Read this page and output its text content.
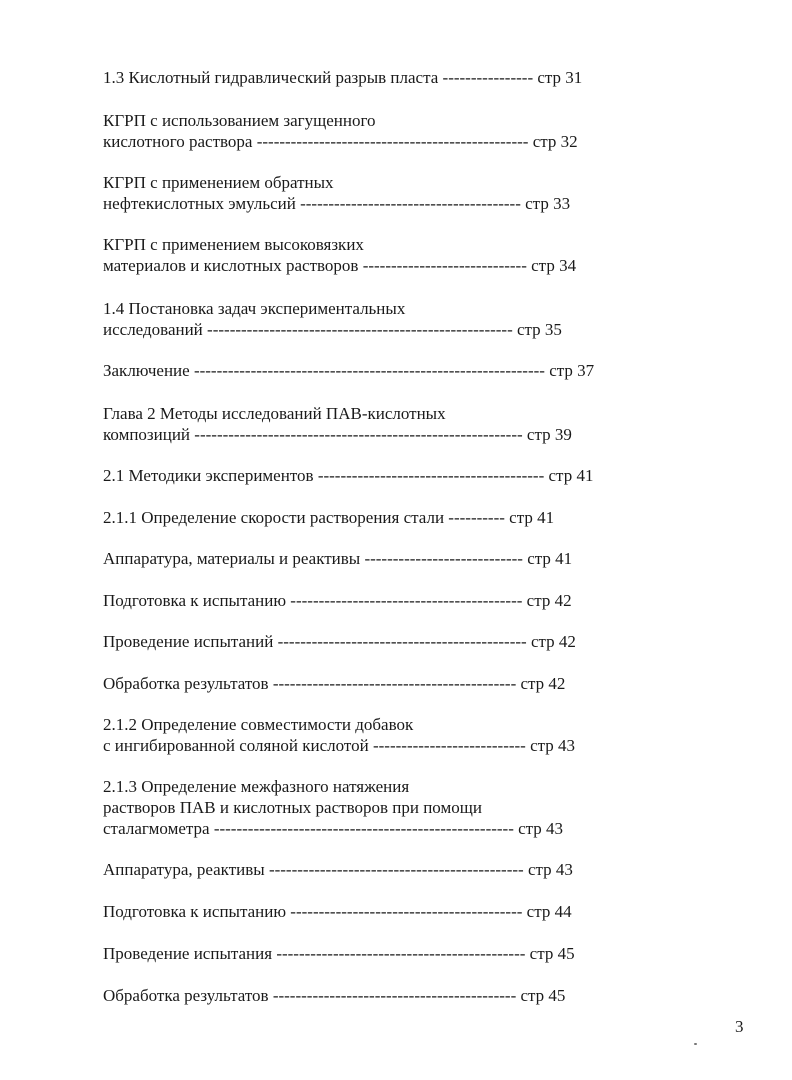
1.3 Кислотный гидравлический разрыв пласта ---------------- стр 31
КГРП с использованием загущенного
кислотного раствора ------------------------------------------------ стр 32
КГРП с применением обратных
нефтекислотных эмульсий --------------------------------------- стр 33
КГРП с применением высоковязких
материалов и кислотных растворов ----------------------------- стр 34
1.4 Постановка задач экспериментальных
исследований ------------------------------------------------------ стр 35
Заключение -------------------------------------------------------------- стр 37
Глава 2 Методы исследований ПАВ-кислотных
композиций ---------------------------------------------------------- стр 39
2.1 Методики экспериментов ---------------------------------------- стр 41
2.1.1 Определение скорости растворения стали ---------- стр 41
Аппаратура, материалы и реактивы ---------------------------- стр 41
Подготовка к испытанию ----------------------------------------- стр 42
Проведение испытаний -------------------------------------------- стр 42
Обработка результатов ------------------------------------------- стр 42
2.1.2 Определение совместимости добавок
с ингибированной соляной кислотой --------------------------- стр 43
2.1.3 Определение межфазного натяжения
растворов ПАВ и кислотных растворов при помощи
сталагмометра ----------------------------------------------------- стр 43
Аппаратура, реактивы --------------------------------------------- стр 43
Подготовка к испытанию ----------------------------------------- стр 44
Проведение испытания -------------------------------------------- стр 45
Обработка результатов ------------------------------------------- стр 45
3
